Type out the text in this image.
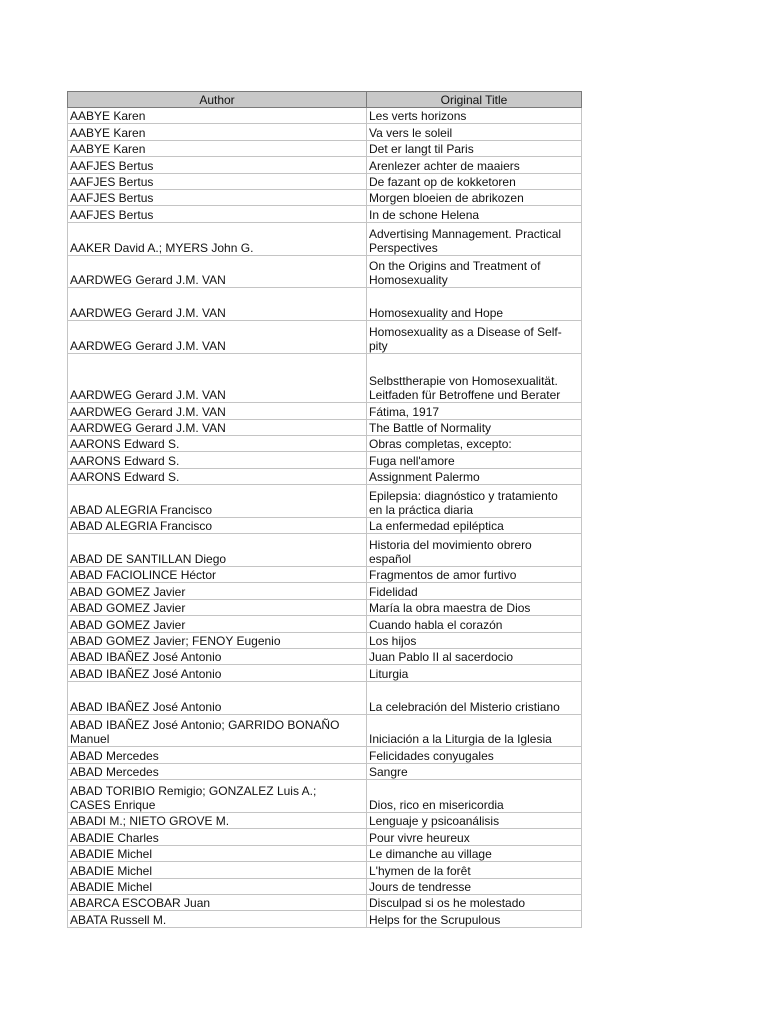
Author	Original Title
AABYE Karen	Les verts horizons
AABYE Karen	Va vers le soleil
AABYE Karen	Det er langt til Paris
AAFJES Bertus	Arenlezer achter de maaiers
AAFJES Bertus	De fazant op de kokketoren
AAFJES Bertus	Morgen bloeien de abrikozen
AAFJES Bertus	In de schone Helena
AAKER David A.; MYERS John G.	Advertising Mannagement. Practical
Perspectives
AARDWEG Gerard J.M. VAN	On the Origins and Treatment of
Homosexuality
AARDWEG Gerard J.M. VAN	Homosexuality and Hope
AARDWEG Gerard J.M. VAN	Homosexuality as a Disease of Self-
pity
AARDWEG Gerard J.M. VAN	Selbsttherapie von Homosexualität.
Leitfaden für Betroffene und Berater
AARDWEG Gerard J.M. VAN	Fátima, 1917
AARDWEG Gerard J.M. VAN	The Battle of Normality
AARONS Edward S.	Obras completas, excepto:
AARONS Edward S.	Fuga nell'amore
AARONS Edward S.	Assignment Palermo
ABAD ALEGRIA Francisco	Epilepsia: diagnóstico y tratamiento
en la práctica diaria
ABAD ALEGRIA Francisco	La enfermedad epiléptica
ABAD DE SANTILLAN Diego	Historia del movimiento obrero
español
ABAD FACIOLINCE Héctor	Fragmentos de amor furtivo
ABAD GOMEZ Javier	Fidelidad
ABAD GOMEZ Javier	María la obra maestra de Dios
ABAD GOMEZ Javier	Cuando habla el corazón
ABAD GOMEZ Javier; FENOY Eugenio	Los hijos
ABAD IBAÑEZ José Antonio	Juan Pablo II al sacerdocio
ABAD IBAÑEZ José Antonio	Liturgia
ABAD IBAÑEZ José Antonio	La celebración del Misterio cristiano
ABAD IBAÑEZ José Antonio; GARRIDO BONAÑO
Manuel	Iniciación a la Liturgia de la Iglesia
ABAD Mercedes	Felicidades conyugales
ABAD Mercedes	Sangre
ABAD TORIBIO Remigio; GONZALEZ Luis A.;
CASES Enrique	Dios, rico en misericordia
ABADI M.; NIETO GROVE M.	Lenguaje y psicoanálisis
ABADIE Charles	Pour vivre heureux
ABADIE Michel	Le dimanche au village
ABADIE Michel	L'hymen de la forêt
ABADIE Michel	Jours de tendresse
ABARCA ESCOBAR Juan	Disculpad si os he molestado
ABATA Russell M.	Helps for the Scrupulous
